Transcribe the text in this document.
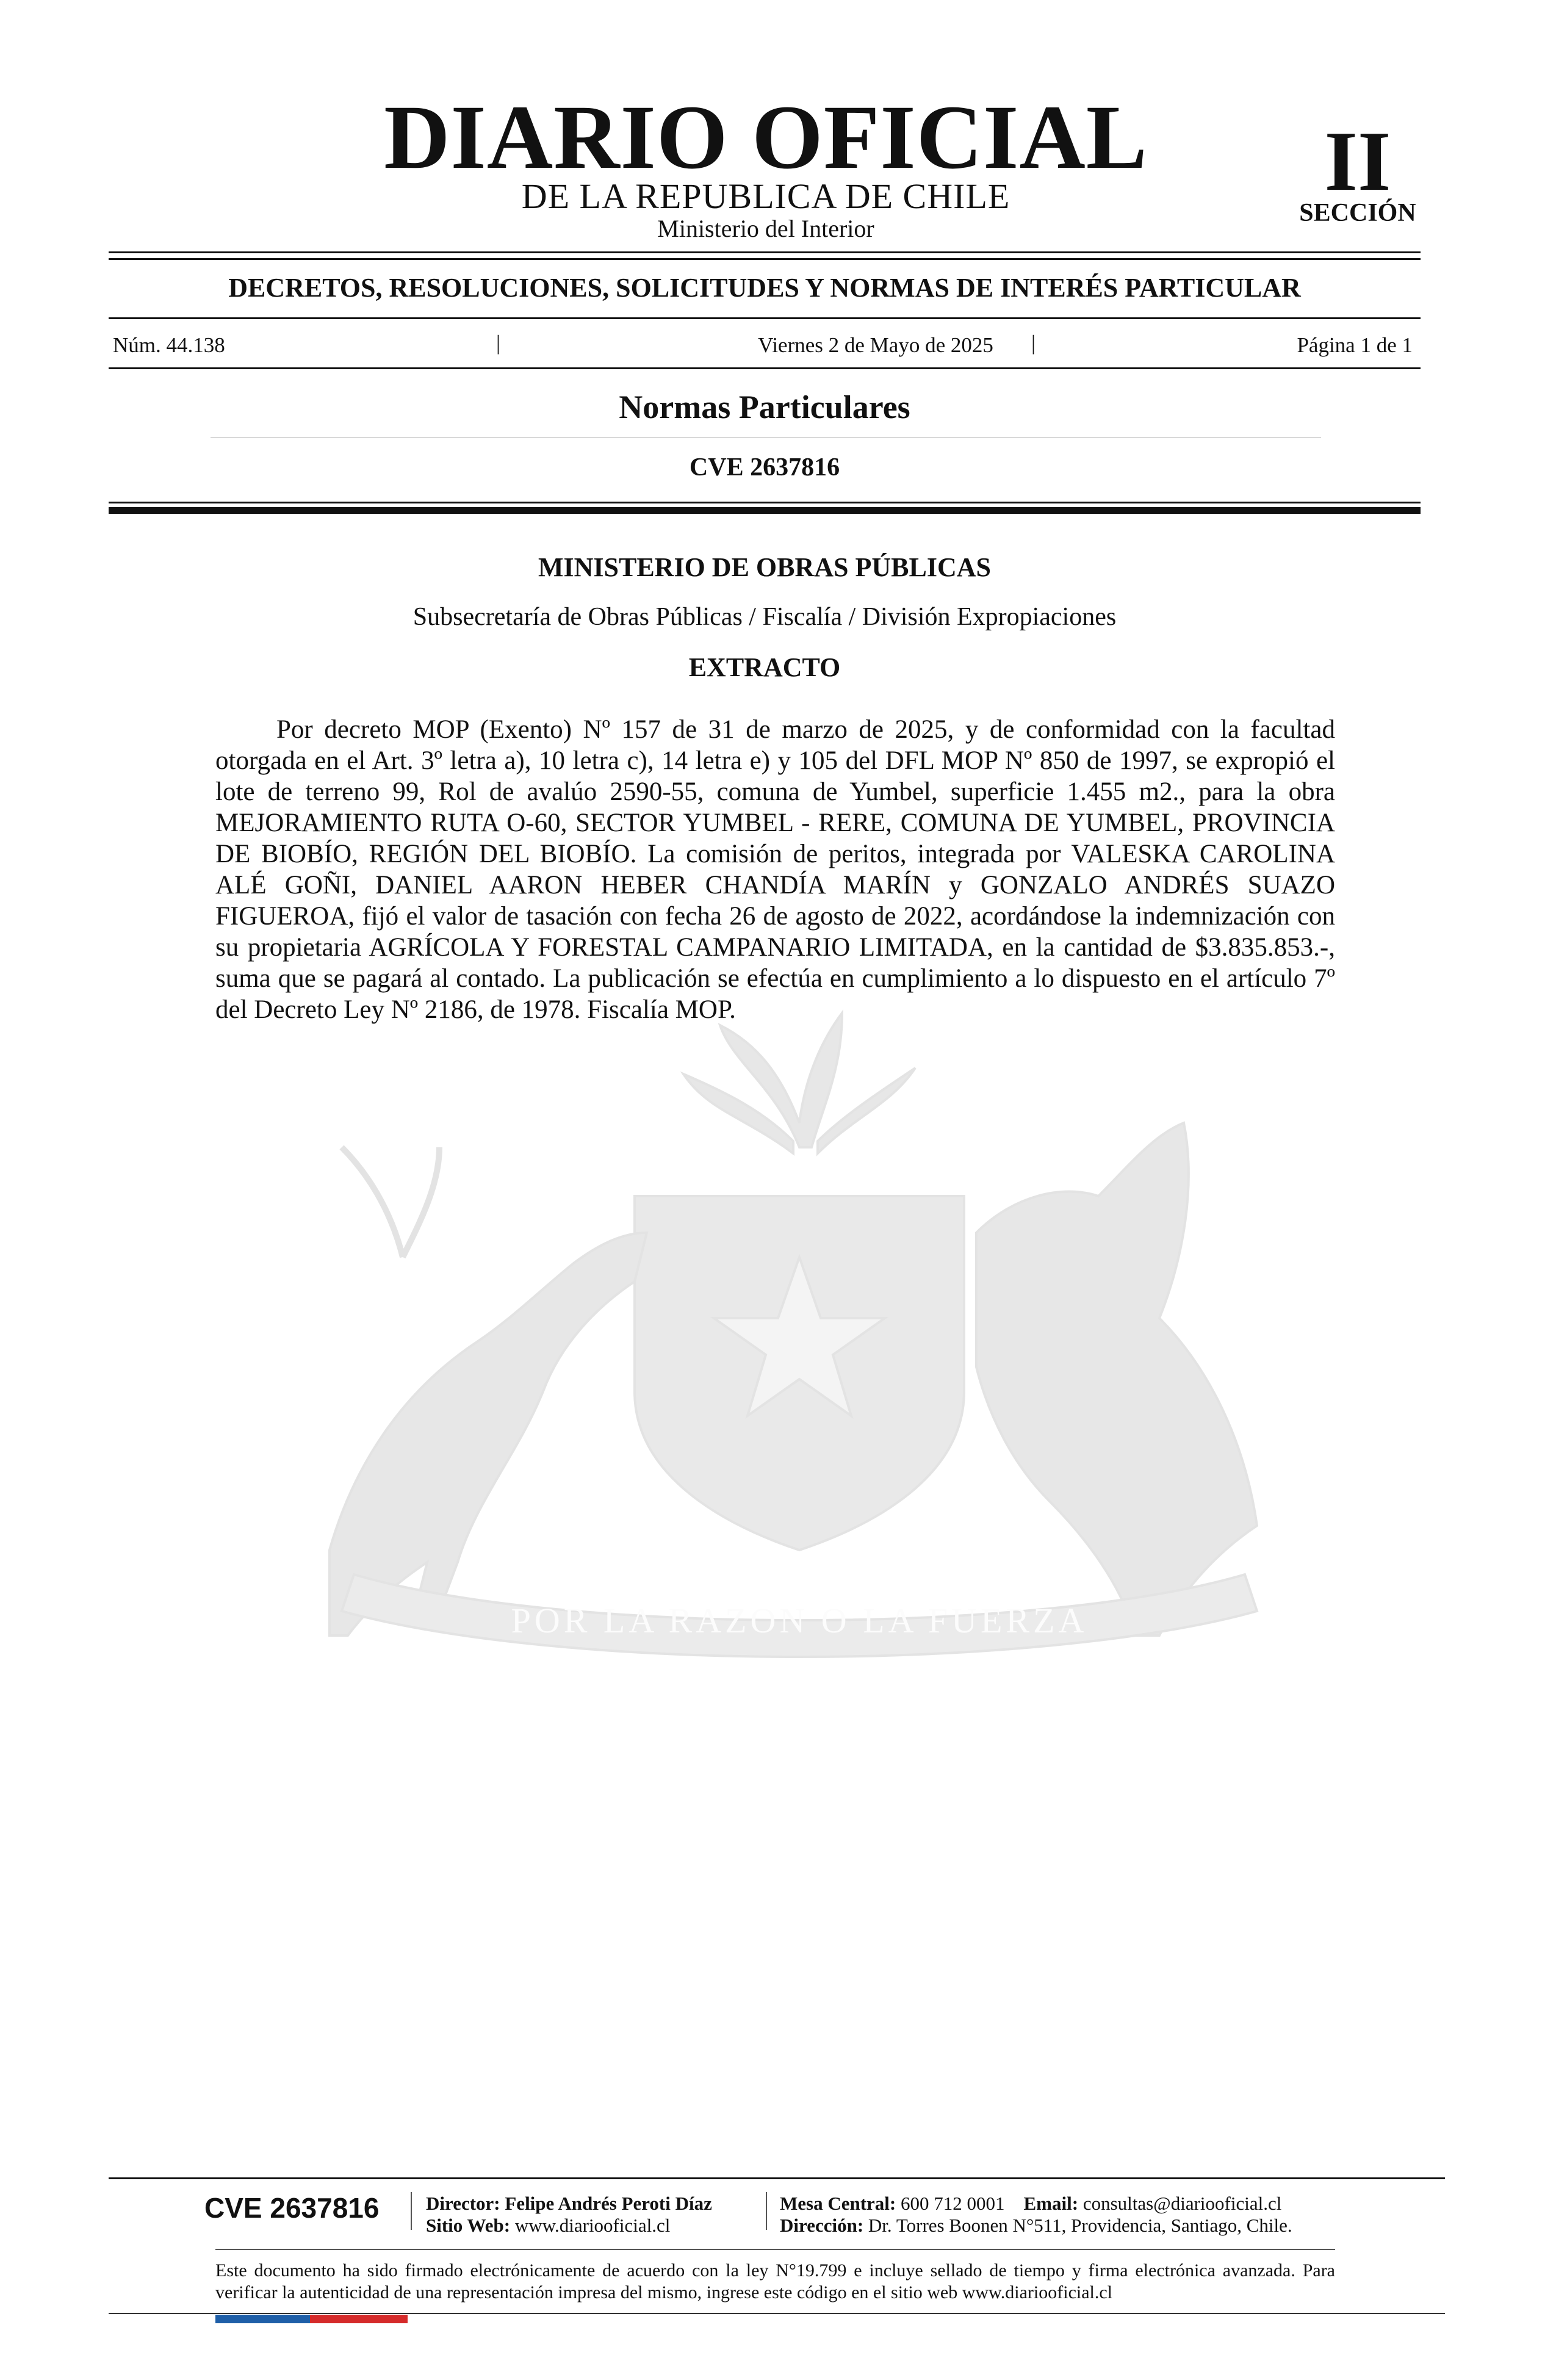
DIARIO OFICIAL
DE LA REPUBLICA DE CHILE
Ministerio del Interior
II
SECCIÓN
DECRETOS, RESOLUCIONES, SOLICITUDES Y NORMAS DE INTERÉS PARTICULAR
Núm. 44.138	|	Viernes 2 de Mayo de 2025	|	Página 1 de 1
Normas Particulares
CVE 2637816
POR LA RAZON O LA FUERZA
MINISTERIO DE OBRAS PÚBLICAS
Subsecretaría de Obras Públicas / Fiscalía / División Expropiaciones
EXTRACTO

Por decreto MOP (Exento) Nº 157 de 31 de marzo de 2025, y de conformidad con la facultad otorgada en el Art. 3º letra a), 10 letra c), 14 letra e) y 105 del DFL MOP Nº 850 de 1997, se expropió el lote de terreno 99, Rol de avalúo 2590-55, comuna de Yumbel, superficie 1.455 m2., para la obra MEJORAMIENTO RUTA O-60, SECTOR YUMBEL - RERE, COMUNA DE YUMBEL, PROVINCIA DE BIOBÍO, REGIÓN DEL BIOBÍO. La comisión de peritos, integrada por VALESKA CAROLINA ALÉ GOÑI, DANIEL AARON HEBER CHANDÍA MARÍN y GONZALO ANDRÉS SUAZO FIGUEROA, fijó el valor de tasación con fecha 26 de agosto de 2022, acordándose la indemnización con su propietaria AGRÍCOLA Y FORESTAL CAMPANARIO LIMITADA, en la cantidad de $3.835.853.-, suma que se pagará al contado. La publicación se efectúa en cumplimiento a lo dispuesto en el artículo 7º del Decreto Ley Nº 2186, de 1978. Fiscalía MOP.

CVE 2637816	Director: Felipe Andrés Peroti Díaz
Sitio Web: www.diariooficial.cl
Mesa Central: 600 712 0001 Email: consultas@diariooficial.cl
Dirección: Dr. Torres Boonen N°511, Providencia, Santiago, Chile.

Este documento ha sido firmado electrónicamente de acuerdo con la ley N°19.799 e incluye sellado de tiempo y firma electrónica avanzada. Para verificar la autenticidad de una representación impresa del mismo, ingrese este código en el sitio web www.diariooficial.cl
